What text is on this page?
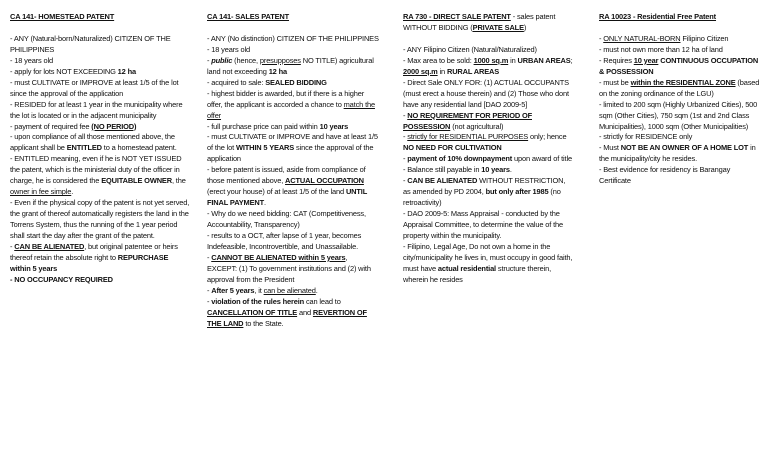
CA 141- HOMESTEAD PATENT
- ANY (Natural-born/Naturalized) CITIZEN OF THE PHILIPPINES
- 18 years old
- apply for lots NOT EXCEEDING 12 ha
- must CULTIVATE or IMPROVE at least 1/5 of the lot since the approval of the application
- RESIDED for at least 1 year in the municipality where the lot is located or in the adjacent municipality
- payment of required fee (NO PERIOD)
- upon compliance of all those mentioned above, the applicant shall be ENTITLED to a homestead patent.
- ENTITLED meaning, even if he is NOT YET ISSUED the patent, which is the ministerial duty of the officer in charge, he is considered the EQUITABLE OWNER, the owner in fee simple.
- Even if the physical copy of the patent is not yet served, the grant of thereof automatically registers the land in the Torrens System, thus the running of the 1 year period shall start the day after the grant of the patent.
- CAN BE ALIENATED, but original patentee or heirs thereof retain the absolute right to REPURCHASE within 5 years
- NO OCCUPANCY REQUIRED
CA 141- SALES PATENT
- ANY (No distinction) CITIZEN OF THE PHILIPPINES
- 18 years old
- public (hence, presupposes NO TITLE) agricultural land not exceeding 12 ha
- acquired to sale: SEALED BIDDING
- highest bidder is awarded, but if there is a higher offer, the applicant is accorded a chance to match the offer
- full purchase price can paid within 10 years
- must CULTIVATE or IMPROVE and have at least 1/5 of the lot WITHIN 5 YEARS since the approval of the application
- before patent is issued, aside from compliance of those mentioned above, ACTUAL OCCUPATION (erect your house) of at least 1/5 of the land UNTIL FINAL PAYMENT.
- Why do we need bidding: CAT (Competitiveness, Accountability, Transparency)
- results to a OCT, after lapse of 1 year, becomes Indefeasible, Incontrovertible, and Unassailable.
- CANNOT BE ALIENATED within 5 years, EXCEPT: (1) To government institutions and (2) with approval from the President
- After 5 years, it can be alienated.
- violation of the rules herein can lead to CANCELLATION OF TITLE and REVERTION OF THE LAND to the State.
RA 730 - DIRECT SALE PATENT - sales patent WITHOUT BIDDING (PRIVATE SALE)
- ANY Filipino Citizen (Natural/Naturalized)
- Max area to be sold: 1000 sq.m in URBAN AREAS; 2000 sq.m in RURAL AREAS
- Direct Sale ONLY FOR: (1) ACTUAL OCCUPANTS (must erect a house therein) and (2) Those who dont have any residential land [DAO 2009-5]
- NO REQUIREMENT FOR PERIOD OF POSSESSION (not agricultural)
- strictly for RESIDENTIAL PURPOSES only; hence NO NEED FOR CULTIVATION
- payment of 10% downpayment upon award of title
- Balance still payable in 10 years.
- CAN BE ALIENATED WITHOUT RESTRICTION, as amended by PD 2004, but only after 1985 (no retroactivity)
- DAO 2009-5: Mass Appraisal - conducted by the Appraisal Committee, to determine the value of the property within the municipality.
- Filipino, Legal Age, Do not own a home in the city/municipality he lives in, must occupy in good faith, must have actual residential structure therein, wherein he resides
RA 10023 - Residential Free Patent
- ONLY NATURAL-BORN Filipino Citizen
- must not own more than 12 ha of land
- Requires 10 year CONTINUOUS OCCUPATION & POSSESSION
- must be within the RESIDENTIAL ZONE (based on the zoning ordinance of the LGU)
- limited to 200 sqm (Highly Urbanized Cities), 500 sqm (Other Cities), 750 sqm (1st and 2nd Class Municipalities), 1000 sqm (Other Municipalities)
- strictly for RESIDENCE only
- Must NOT BE AN OWNER OF A HOME LOT in the municipality/city he resides.
- Best evidence for residency is Barangay Certificate
